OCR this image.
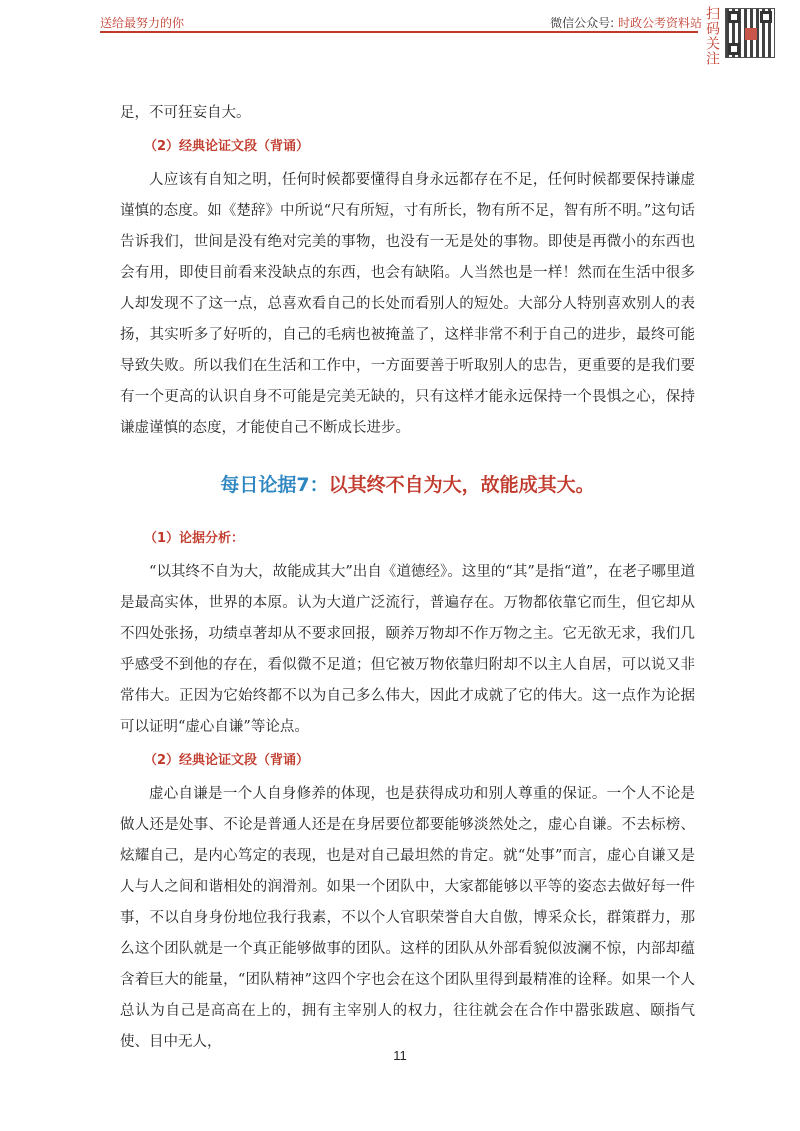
送给最努力的你	微信公众号: 时政公考资料站 扫码关注

足，不可狂妄自大。

（2）经典论证文段（背诵）

人应该有自知之明，任何时候都要懂得自身永远都存在不足，任何时候都要保持谦虚谨慎的态度。如《楚辞》中所说“尺有所短，寸有所长，物有所不足，智有所不明。”这句话告诉我们，世间是没有绝对完美的事物，也没有一无是处的事物。即使是再微小的东西也会有用，即使目前看来没缺点的东西，也会有缺陷。人当然也是一样！然而在生活中很多人却发现不了这一点，总喜欢看自己的长处而看别人的短处。大部分人特别喜欢别人的表扬，其实听多了好听的，自己的毛病也被掩盖了，这样非常不利于自己的进步，最终可能导致失败。所以我们在生活和工作中，一方面要善于听取别人的忠告，更重要的是我们要有一个更高的认识自身不可能是完美无缺的，只有这样才能永远保持一个畏惧之心，保持谦虚谨慎的态度，才能使自己不断成长进步。

每日论据7：以其终不自为大，故能成其大。

（1）论据分析：

“以其终不自为大，故能成其大”出自《道德经》。这里的“其”是指“道”，在老子哪里道是最高实体，世界的本原。认为大道广泛流行，普遍存在。万物都依靠它而生，但它却从不四处张扬，功绩卓著却从不要求回报，颐养万物却不作万物之主。它无欲无求，我们几乎感受不到他的存在，看似微不足道；但它被万物依靠归附却不以主人自居，可以说又非常伟大。正因为它始终都不以为自己多么伟大，因此才成就了它的伟大。这一点作为论据可以证明“虚心自谦”等论点。

（2）经典论证文段（背诵）

虚心自谦是一个人自身修养的体现，也是获得成功和别人尊重的保证。一个人不论是做人还是处事、不论是普通人还是在身居要位都要能够淡然处之，虚心自谦。不去标榜、炫耀自己，是内心笃定的表现，也是对自己最坦然的肯定。就“处事”而言，虚心自谦又是人与人之间和谐相处的润滑剂。如果一个团队中，大家都能够以平等的姿态去做好每一件事，不以自身身份地位我行我素，不以个人官职荣誉自大自傲，博采众长，群策群力，那么这个团队就是一个真正能够做事的团队。这样的团队从外部看貌似波澜不惊，内部却蕴含着巨大的能量，“团队精神”这四个字也会在这个团队里得到最精准的诠释。如果一个人总认为自己是高高在上的，拥有主宰别人的权力，往往就会在合作中嚣张跋扈、颐指气使、目中无人，

11
